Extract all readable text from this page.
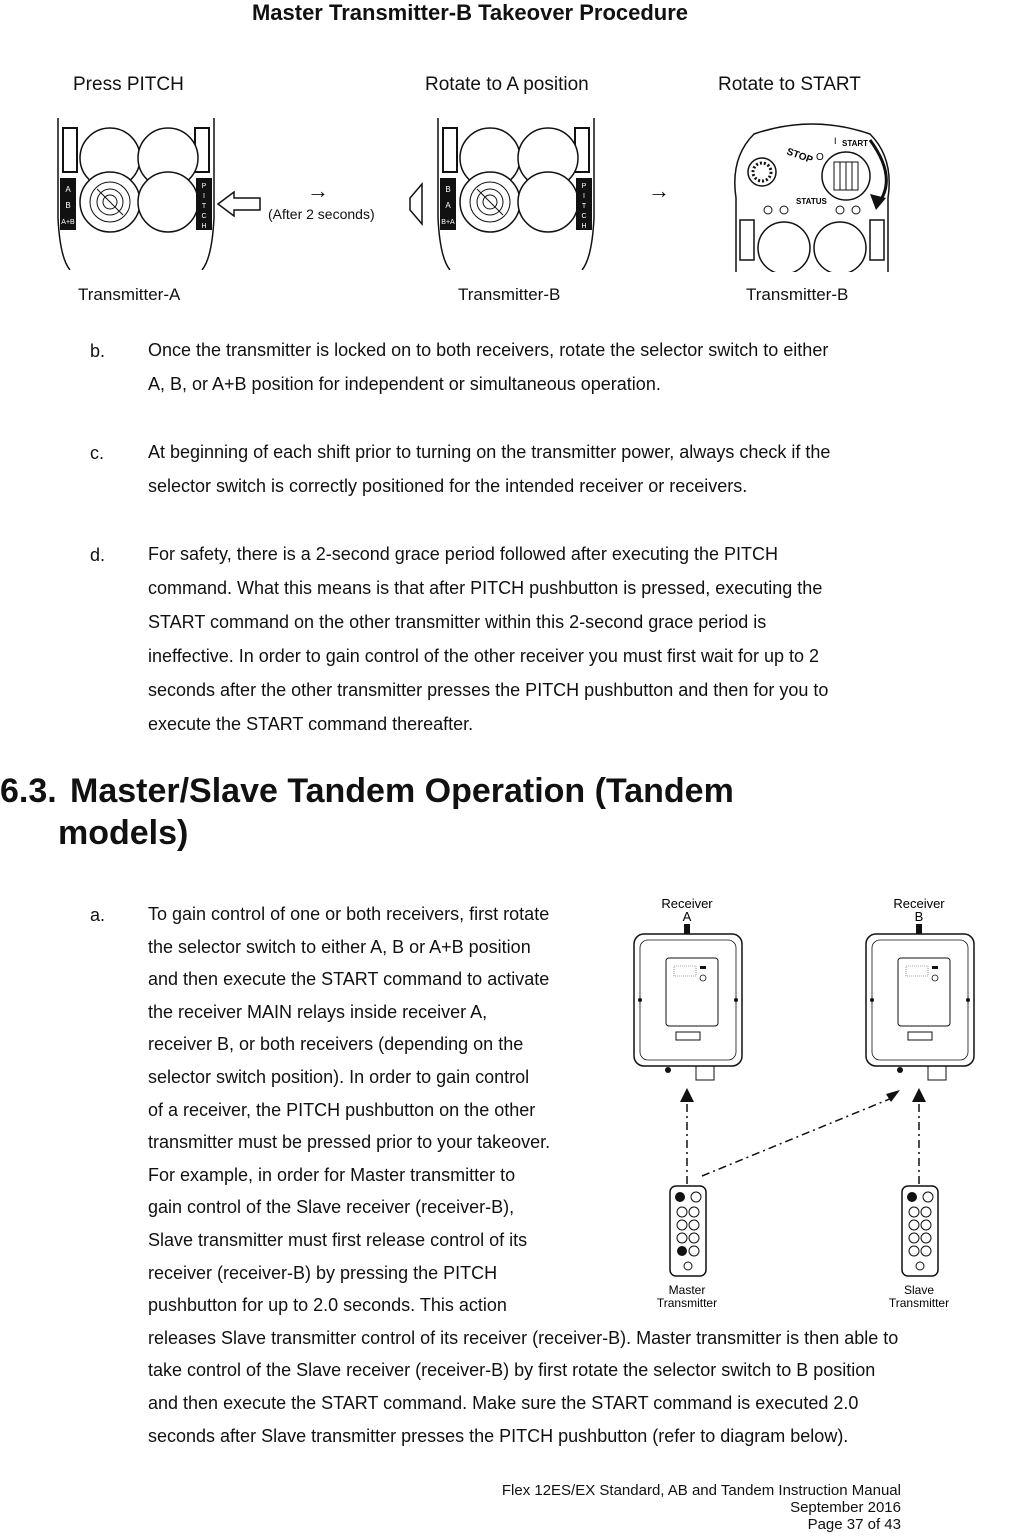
Master Transmitter-B Takeover Procedure
Press PITCH	Rotate to A position	Rotate to START
A
B
A+B
P
I
T
C
H
→
(After 2 seconds)
B
A
B+A
P
I
T
C
H
→
STOP O
I START
STATUS
Transmitter-A	Transmitter-B	Transmitter-B
b. Once the transmitter is locked on to both receivers, rotate the selector switch to either
A, B, or A+B position for independent or simultaneous operation.
c. At beginning of each shift prior to turning on the transmitter power, always check if the
selector switch is correctly positioned for the intended receiver or receivers.
d. For safety, there is a 2-second grace period followed after executing the PITCH
command. What this means is that after PITCH pushbutton is pressed, executing the
START command on the other transmitter within this 2-second grace period is
ineffective. In order to gain control of the other receiver you must first wait for up to 2
seconds after the other transmitter presses the PITCH pushbutton and then for you to
execute the START command thereafter.
6.3. Master/Slave Tandem Operation (Tandem
models)
a. To gain control of one or both receivers, first rotate
the selector switch to either A, B or A+B position
and then execute the START command to activate
the receiver MAIN relays inside receiver A,
receiver B, or both receivers (depending on the
selector switch position). In order to gain control
of a receiver, the PITCH pushbutton on the other
transmitter must be pressed prior to your takeover.
For example, in order for Master transmitter to
gain control of the Slave receiver (receiver-B),
Slave transmitter must first release control of its
receiver (receiver-B) by pressing the PITCH
pushbutton for up to 2.0 seconds. This action
releases Slave transmitter control of its receiver (receiver-B). Master transmitter is then able to
take control of the Slave receiver (receiver-B) by first rotate the selector switch to B position
and then execute the START command. Make sure the START command is executed 2.0
seconds after Slave transmitter presses the PITCH pushbutton (refer to diagram below).
Receiver
A
Receiver
B
Master
Transmitter
Slave
Transmitter
Flex 12ES/EX Standard, AB and Tandem Instruction Manual
September 2016
Page 37 of 43
